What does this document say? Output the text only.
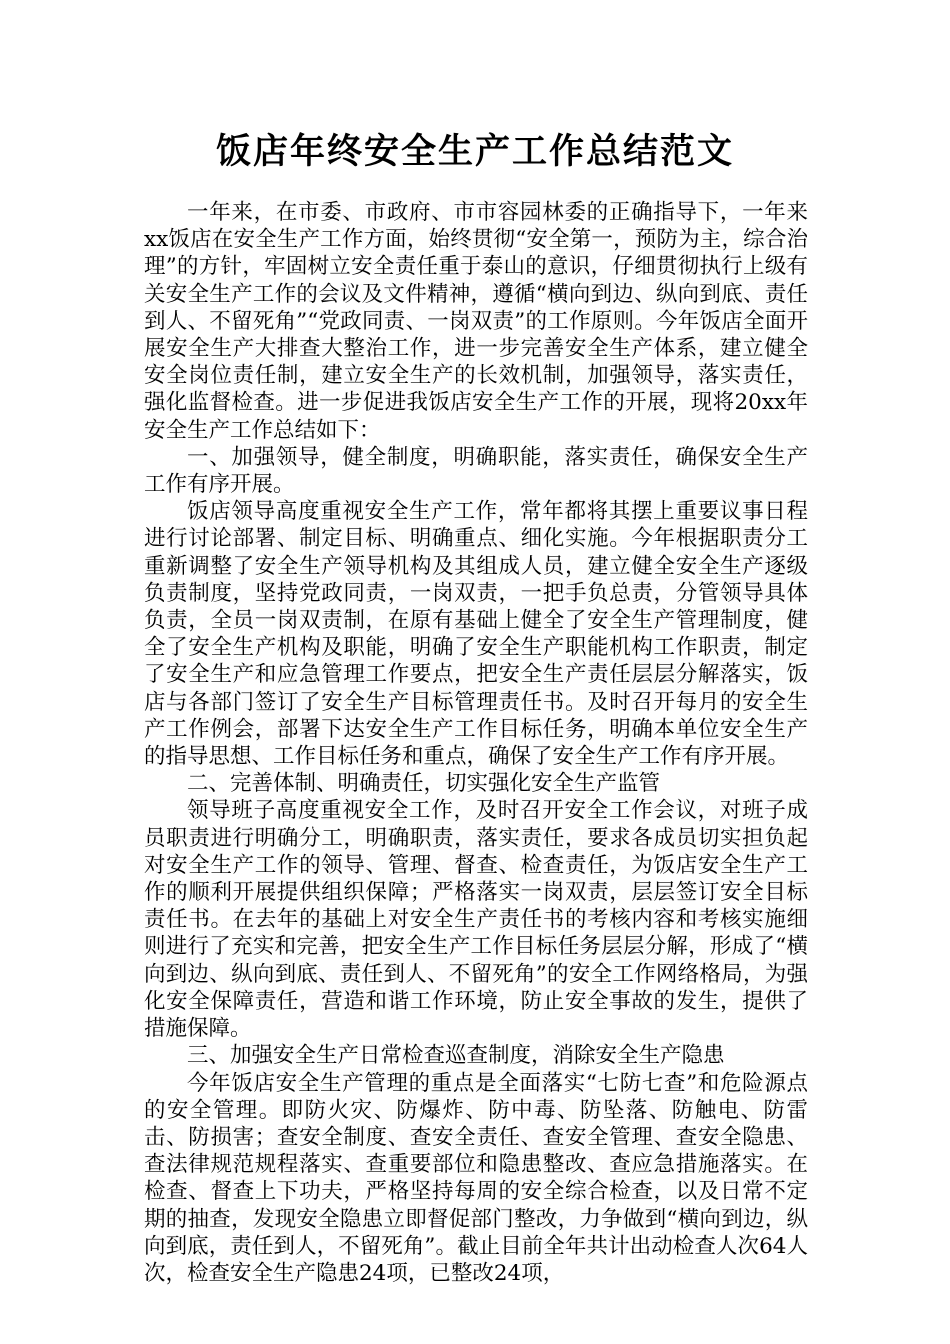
饭店年终安全生产工作总结范文

一年来，在市委、市政府、市市容园林委的正确指导下，一年来xx饭店在安全生产工作方面，始终贯彻“安全第一，预防为主，综合治理”的方针，牢固树立安全责任重于泰山的意识，仔细贯彻执行上级有关安全生产工作的会议及文件精神，遵循“横向到边、纵向到底、责任到人、不留死角”“党政同责、一岗双责”的工作原则。今年饭店全面开展安全生产大排查大整治工作，进一步完善安全生产体系，建立健全安全岗位责任制，建立安全生产的长效机制，加强领导，落实责任，强化监督检查。进一步促进我饭店安全生产工作的开展，现将20xx年安全生产工作总结如下：

一、加强领导，健全制度，明确职能，落实责任，确保安全生产工作有序开展。

饭店领导高度重视安全生产工作，常年都将其摆上重要议事日程进行讨论部署、制定目标、明确重点、细化实施。今年根据职责分工重新调整了安全生产领导机构及其组成人员，建立健全安全生产逐级负责制度，坚持党政同责，一岗双责，一把手负总责，分管领导具体负责，全员一岗双责制，在原有基础上健全了安全生产管理制度，健全了安全生产机构及职能，明确了安全生产职能机构工作职责，制定了安全生产和应急管理工作要点，把安全生产责任层层分解落实，饭店与各部门签订了安全生产目标管理责任书。及时召开每月的安全生产工作例会，部署下达安全生产工作目标任务，明确本单位安全生产的指导思想、工作目标任务和重点，确保了安全生产工作有序开展。

二、完善体制、明确责任，切实强化安全生产监管

领导班子高度重视安全工作，及时召开安全工作会议，对班子成员职责进行明确分工，明确职责，落实责任，要求各成员切实担负起对安全生产工作的领导、管理、督查、检查责任，为饭店安全生产工作的顺利开展提供组织保障；严格落实一岗双责，层层签订安全目标责任书。在去年的基础上对安全生产责任书的考核内容和考核实施细则进行了充实和完善，把安全生产工作目标任务层层分解，形成了“横向到边、纵向到底、责任到人、不留死角”的安全工作网络格局，为强化安全保障责任，营造和谐工作环境，防止安全事故的发生，提供了措施保障。

三、加强安全生产日常检查巡查制度，消除安全生产隐患

今年饭店安全生产管理的重点是全面落实“七防七查”和危险源点的安全管理。即防火灾、防爆炸、防中毒、防坠落、防触电、防雷击、防损害；查安全制度、查安全责任、查安全管理、查安全隐患、查法律规范规程落实、查重要部位和隐患整改、查应急措施落实。在检查、督查上下功夫，严格坚持每周的安全综合检查，以及日常不定期的抽查，发现安全隐患立即督促部门整改，力争做到“横向到边，纵向到底，责任到人，不留死角”。截止目前全年共计出动检查人次64人次，检查安全生产隐患24项，已整改24项，
